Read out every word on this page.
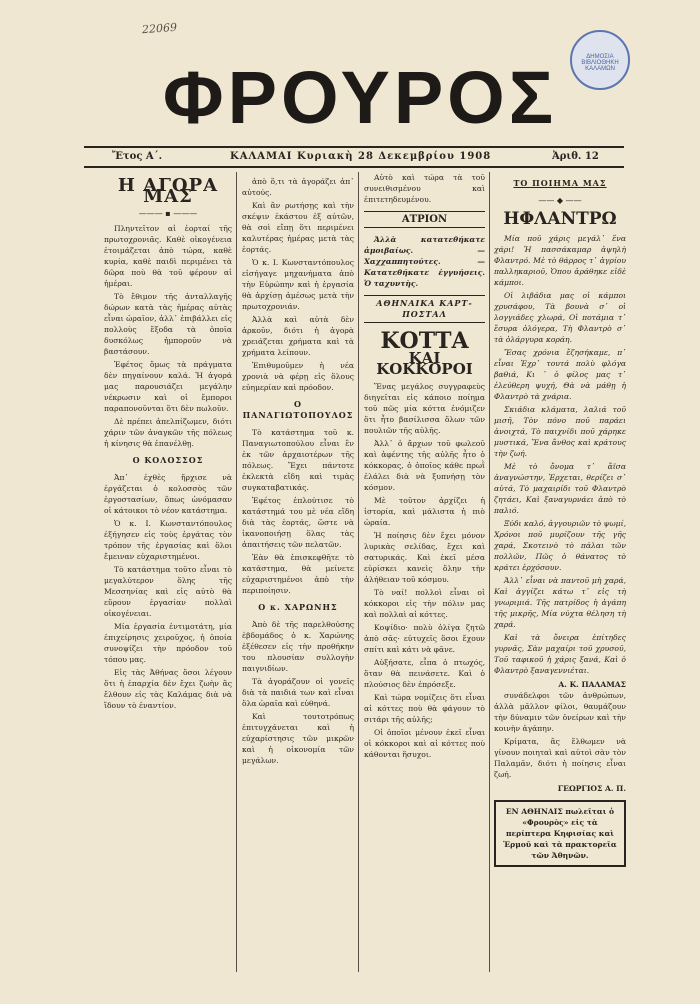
22069
ΔΗΜΟΣΙΑ ΒΙΒΛΙΟΘΗΚΗ ΚΑΛΑΜΩΝ
ΦΡΟΥΡΟΣ
Ἔτος Α΄.	ΚΑΛΑΜΑΙ Κυριακὴ 28 Δεκεμβρίου 1908	Ἀριθ. 12
Η ΑΓΟΡΑ ΜΑΣ
——— ▪ ———

Πληντεῖτον αἱ ἑορταί τῆς πρωτοχρονιᾶς. Καθὲ οἰκογένεια ἑτοιμάζεται ἀπὸ τώρα, καθὲ κυρία, καθὲ παιδὶ περιμένει τὰ δῶρα ποὺ θὰ τοῦ φέρουν αἱ ἡμέραι.

Τὸ ἔθιμον τῆς ἀνταλλαγῆς δώρων κατὰ τὰς ἡμέρας αὐτὰς εἶναι ὡραῖον, ἀλλ᾽ ἐπιβάλλει εἰς πολλοὺς ἔξοδα τὰ ὁποῖα δυσκόλως ἠμποροῦν νὰ βαστάσουν.

Ἐφέτος ὅμως τὰ πράγματα δὲν πηγαίνουν καλά. Ἡ ἀγορά μας παρουσιάζει μεγάλην νέκρωσιν καὶ οἱ ἔμποροι παραπονοῦνται ὅτι δὲν πωλοῦν.

Δὲ πρέπει ἀπελπίζωμεν, διότι χάριν τῶν ἀναγκῶν τῆς πόλεως ἡ κίνησις θὰ ἐπανέλθῃ.

Ο ΚΟΛΟΣΣΟΣ

Ἀπ᾽ ἐχθὲς ἤρχισε νὰ ἐργάζεται ὁ κολοσσὸς τῶν ἐργοστασίων, ὅπως ὠνόμασαν οἱ κάτοικοι τὸ νέον κατάστημα.

Ὁ κ. Ι. Κωνσταντόπουλος ἐξήγησεν εἰς τοὺς ἐργάτας τὸν τρόπον τῆς ἐργασίας καὶ ὅλοι ἔμειναν εὐχαριστημένοι.

Τὸ κατάστημα τοῦτο εἶναι τὸ μεγαλύτερον ὅλης τῆς Μεσσηνίας καὶ εἰς αὐτὸ θὰ εὕρουν ἐργασίαν πολλαὶ οἰκογένειαι.

Μία ἐργασία ἐντιμοτάτη, μία ἐπιχείρησις χειροῦχος, ἡ ὁποία συνοψίζει τὴν πρόοδον τοῦ τόπου μας.

Εἰς τὰς Ἀθήνας ὅσοι λέγουν ὅτι ἡ ἐπαρχία δὲν ἔχει ζωὴν ἂς ἔλθουν εἰς τὰς Καλάμας διὰ νὰ ἴδουν τὸ ἐναντίον.

ἀπὸ ὅ,τι τὰ ἀγοράζει ἀπ᾽ αὐτούς.

Καὶ ἂν ρωτήσῃς καὶ τὴν σκέψιν ἑκάστου ἐξ αὐτῶν, θὰ σοὶ εἴπῃ ὅτι περιμένει καλυτέρας ἡμέρας μετὰ τὰς ἑορτάς.

Ὁ κ. Ι. Κωνσταντόπουλος εἰσήγαγε μηχανήματα ἀπὸ τὴν Εὐρώπην καὶ ἡ ἐργασία θὰ ἀρχίσῃ ἀμέσως μετὰ τὴν πρωτοχρονιάν.

Ἀλλὰ καὶ αὐτὰ δὲν ἀρκοῦν, διότι ἡ ἀγορὰ χρειάζεται χρήματα καὶ τὰ χρήματα λείπουν.

Ἐπιθυμοῦμεν ἡ νέα χρονιὰ νὰ φέρῃ εἰς ὅλους εὐημερίαν καὶ πρόοδον.

Ο ΠΑΝΑΓΙΩΤΟΠΟΥΛΟΣ

Τὸ κατάστημα τοῦ κ. Παναγιωτοπούλου εἶναι ἓν ἐκ τῶν ἀρχαιοτέρων τῆς πόλεως. Ἔχει πάντοτε ἐκλεκτὰ εἴδη καὶ τιμὰς συγκαταβατικάς.

Ἐφέτος ἐπλούτισε τὸ κατάστημά του μὲ νέα εἴδη διὰ τὰς ἑορτάς, ὥστε νὰ ἱκανοποιήσῃ ὅλας τὰς ἀπαιτήσεις τῶν πελατῶν.

Ἐὰν θὰ ἐπισκεφθῆτε τὸ κατάστημα, θὰ μείνετε εὐχαριστημένοι ἀπὸ τὴν περιποίησιν.

Ο κ. ΧΑΡΩΝΗΣ

Ἀπὸ δὲ τῆς παρελθούσης ἑβδομάδος ὁ κ. Χαρώνης ἐξέθεσεν εἰς τὴν προθήκην του πλουσίαν συλλογὴν παιγνιδίων.

Τὰ ἀγοράζουν οἱ γονεῖς διὰ τὰ παιδιά των καὶ εἶναι ὅλα ὡραῖα καὶ εὐθηνά.

Καὶ τουτοτρόπως ἐπιτυγχάνεται καὶ ἡ εὐχαρίστησις τῶν μικρῶν καὶ ἡ οἰκονομία τῶν μεγάλων.

Αὐτὸ καὶ τώρα τὰ τοῦ συνειθισμένου καὶ ἐπιτετηδευμένου.

ΑΤΡΙΟΝ

Ἀλλὰ κατατεθήκατε ἀμοιβαίως. — Χαχχαππητούτες. — Κατατεθήκατε ἐγγυήσεις. Ὁ ταχυντὴς.

ΑΘΗΝΑΙΚΑ ΚΑΡΤ-ΠΟΣΤΑΛ
ΚΟΤΤΑ
ΚΑΙ ΚΟΚΚΟΡΟΙ

Ἕνας μεγάλος συγγραφεὺς διηγεῖται εἰς κάποιο ποίημα τοῦ πῶς μία κόττα ἐνόμιζεν ὅτι ἦτο βασίλισσα ὅλων τῶν πουλιῶν τῆς αὐλῆς.

Ἀλλ᾽ ὁ ἄρχων τοῦ φωλεοῦ καὶ ἀφέντης τῆς αὐλῆς ἦτο ὁ κόκκορας, ὁ ὁποῖος κάθε πρωῒ ἐλάλει διὰ νὰ ξυπνήσῃ τὸν κόσμον.

Μὲ τοῦτον ἀρχίζει ἡ ἱστορία, καὶ μάλιστα ἡ πιὸ ὡραία.

Ἡ ποίησις δὲν ἔχει μόνον λυρικὰς σελίδας, ἔχει καὶ σατυρικάς. Καὶ ἐκεῖ μέσα εὑρίσκει κανεὶς ὅλην τὴν ἀλήθειαν τοῦ κόσμου.

Τὸ ναί! πολλοὶ εἶναι οἱ κόκκοροι εἰς τὴν πόλιν μας καὶ πολλαὶ αἱ κόττες.

Κοψίδιο· πολὺ ὀλίγα ζητῶ ἀπὸ σᾶς· εὐτυχεῖς ὅσοι ἔχουν σπίτι καὶ κάτι νὰ φᾶνε.

Αὐξήσατε, εἶπα ὁ πτωχός, ὅταν θὰ πεινάσετε. Καὶ ὁ πλούσιος δὲν ἐπρόσεξε.

Καὶ τώρα νομίζεις ὅτι εἶναι αἱ κόττες ποὺ θὰ φάγουν τὸ σιτάρι τῆς αὐλῆς;

Οἱ ὁποῖοι μένουν ἐκεῖ εἶναι οἱ κόκκοροι καὶ αἱ κόττες ποὺ κάθονται ἥσυχοι.

ΤΟ ΠΟΙΗΜΑ ΜΑΣ
—— ◆ ——
ΗΦΛΑΝΤΡΩ

Μία ποῦ χάρις μεγάλ᾽ ἕνα χάρι! Ἡ πασσάκαμαρ ἀψηλὴ Φλαντρό. Μὲ τὸ θάρρος τ᾽ ἀγρίου παλληκαριοῦ, Ὁπου ἀράθηκε εἰδὲ κάμποι.

Οἱ λιβάδια μας οἱ κάμποι χρυσάφου, Τὰ βουνὰ σ᾽ οἱ λογγιάδες χλωρά, Οἱ ποτάμια τ᾽ ἔσυρα ὁλόγερα, Τὴ Φλαντρὸ σ᾽ τὰ ὁλάργυρα κοράη.

Ἔσας χρόνια ἔζησήκαμε, π᾽ εἶναι Ἐχρ᾽ τουτά πολὺ φλόγα βαθιά, Κι ᾽ ὁ φίλος μας τ᾽ ἐλεύθερη ψυχή, Θὰ νὰ μάθῃ ἡ Φλαντρὸ τὰ χνάρια.

Σκιάδια κλάματα, λαλιά τοῦ μισῆ, Τὸν πόνο ποῦ παράει ἀνοιχτά, Τὸ παιχνίδι ποῦ χάρηκε μυστικά, Ἕνα ἄνθος καὶ κράτους τὴν ζωή.

Μὲ τὸ ὄνομα τ᾽ ἄϊσα ἀναγνώστην, Ἐρχεται, θερίζει σ᾽ αὐτά, Τὸ μαχαιρίδι τοῦ Φλαντρὸ ζητάει, Καὶ ξαναγυρνάει ἀπὸ τὸ παλιό.

Ξύδι καλό, ἀγγουριῶν τὸ ψωμί, Χρόνοι ποῦ μυρίζουν τῆς γῆς χαρά, Σκοτεινὸ τὸ πάλαι τῶν πολλῶν, Πῶς ὁ θάνατος τὸ κράτει ἐρχόσουν.

Ἀλλ᾽ εἶναι νὰ παντοῦ μὴ χαρά, Καὶ ἀγγίζει κάτω τ᾽ εἰς τὴ γνωριμιά. Τῆς πατρίδος ἡ ἀγάπη τῆς μικρῆς, Μία νύχτα θέληση τὴ χαρά.

Καὶ τὰ ὄνειρα ἐπίτηδες γυρνᾶς, Σὰν μαχαίρι τοῦ χρυσοῦ, Τοῦ ταφικοῦ ἡ χάρις ξανά, Καὶ ὁ Φλαντρὸ ξαναγεννιέται.

Α. Κ. ΠΑΛΑΜΑΣ

συνάδελφοι τῶν ἀνθρώπων, ἀλλὰ μᾶλλον φίλοι, θαυμάζουν τὴν δύναμιν τῶν ὀνείρων καὶ τὴν κοινὴν ἀγάπην.

Κρίματα, ἂς ἔλθωμεν νὰ γίνουν ποιηταὶ καὶ αὐτοὶ σὰν τὸν Παλαμᾶν, διότι ἡ ποίησις εἶναι ζωή.

ΓΕΩΡΓΙΟΣ Α. Π.
ΕΝ ΑΘΗΝΑΙΣ πωλεῖται ὁ «Φρουρὸς» εἰς τὰ περίπτερα Κηφισίας καὶ Ἑρμοῦ καὶ τὰ πρακτορεῖα τῶν Ἀθηνῶν.
